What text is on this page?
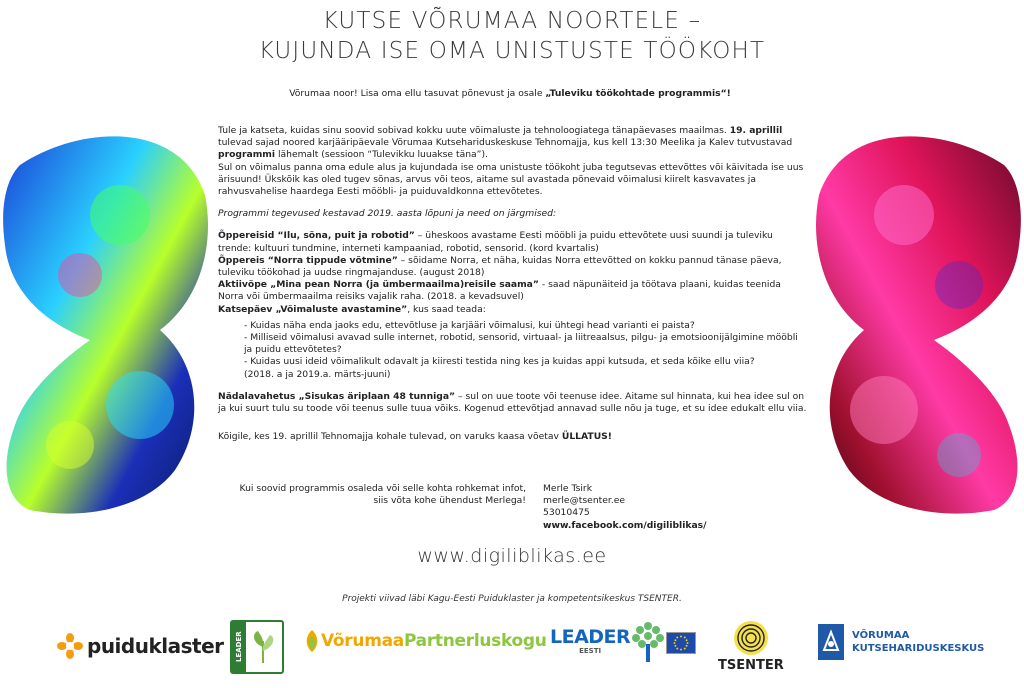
KUTSE VÕRUMAA NOORTELE –
KUJUNDA ISE OMA UNISTUSTE TÖÖKOHT
Võrumaa noor! Lisa oma ellu tasuvat põnevust ja osale „Tuleviku töökohtade programmis“!

Tule ja katseta, kuidas sinu soovid sobivad kokku uute võimaluste ja tehnoloogiatega tänapäevases maailmas. 19. aprillil tulevad sajad noored karjääripäevale Võrumaa Kutsehariduskeskuse Tehnomajja, kus kell 13:30 Meelika ja Kalev tutvustavad programmi lähemalt (sessioon “Tulevikku luuakse täna”).

Sul on võimalus panna oma edule alus ja kujundada ise oma unistuste töökoht juba tegutsevas ettevõttes või käivitada ise uus ärisuund! Ükskõik kas oled tugev sõnas, arvus või teos, aitame sul avastada põnevaid võimalusi kiirelt kasvavates ja rahvusvahelise haardega Eesti mööbli- ja puiduvaldkonna ettevõtetes.

Programmi tegevused kestavad 2019. aasta lõpuni ja need on järgmised:

Õppereisid “Ilu, sõna, puit ja robotid” – üheskoos avastame Eesti mööbli ja puidu ettevõtete uusi suundi ja tuleviku trende: kultuuri tundmine, interneti kampaaniad, robotid, sensorid. (kord kvartalis)

Õppereis “Norra tippude võtmine” – sõidame Norra, et näha, kuidas Norra ettevõtted on kokku pannud tänase päeva, tuleviku töökohad ja uudse ringmajanduse. (august 2018)

Aktiivõpe „Mina pean Norra (ja ümbermaailma)reisile saama” - saad näpunäiteid ja töötava plaani, kuidas teenida Norra või ümbermaailma reisiks vajalik raha. (2018. a kevadsuvel)

Katsepäev „Võimaluste avastamine”, kus saad teada:

- Kuidas näha enda jaoks edu, ettevõtluse ja karjääri võimalusi, kui ühtegi head varianti ei paista?

- Milliseid võimalusi avavad sulle internet, robotid, sensorid, virtuaal- ja liitreaalsus, pilgu- ja emotsioonijälgimine mööbli ja puidu ettevõtetes?

- Kuidas uusi ideid võimalikult odavalt ja kiiresti testida ning kes ja kuidas appi kutsuda, et seda kõike ellu viia?

(2018. a ja 2019.a. märts-juuni)

Nädalavahetus „Sisukas äriplaan 48 tunniga” – sul on uue toote või teenuse idee. Aitame sul hinnata, kui hea idee sul on ja kui suurt tulu su toode või teenus sulle tuua võiks. Kogenud ettevõtjad annavad sulle nõu ja tuge, et su idee edukalt ellu viia.

Kõigile, kes 19. aprillil Tehnomajja kohale tulevad, on varuks kaasa võetav ÜLLATUS!

Kui soovid programmis osaleda või selle kohta rohkemat infot,
siis võta kohe ühendust Merlega!
Merle Tsirk
merle@tsenter.ee
53010475
www.facebook.com/digiliblikas/
www.digiliblikas.ee
Projekti viivad läbi Kagu-Eesti Puiduklaster ja kompetentsikeskus TSENTER.
puiduklaster	LEADER	Võrumaa Partnerluskogu LEADER
EESTI
TSENTER
VÕRUMAA
KUTSEHARIDUSKESKUS
